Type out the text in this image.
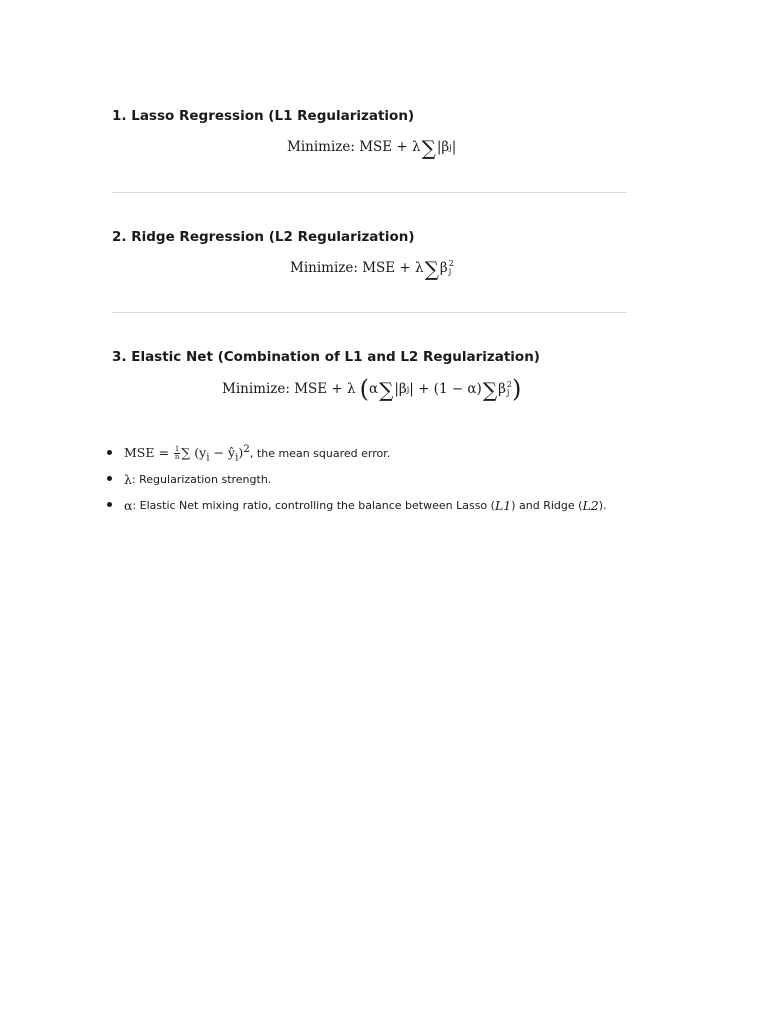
1. Lasso Regression (L1 Regularization)
Minimize: MSE + λ ∑ |β j |
2. Ridge Regression (L2 Regularization)
Minimize: MSE + λ ∑ β 2
j
3. Elastic Net (Combination of L1 and L2 Regularization)
Minimize: MSE + λ ( α ∑ |β j | + (1 − α) ∑ β 2
j )
MSE = $\frac{1}{n}$ ∑ ($y_i$ − $ŷ_i)^2$ , the mean squared error.
λ : Regularization strength.
α : Elastic Net mixing ratio, controlling the balance between Lasso ( L1 ) and Ridge ( L2 ).
